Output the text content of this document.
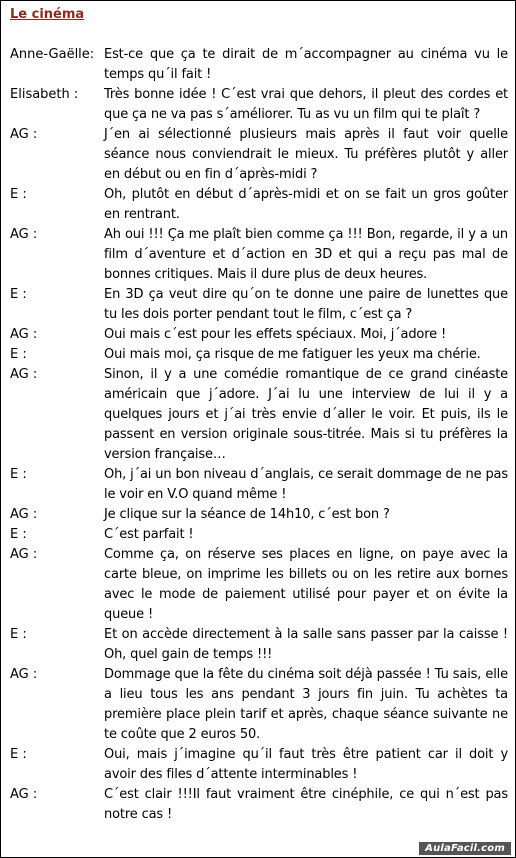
Le cinéma
Anne-Gaëlle: Est-ce que ça te dirait de m´accompagner au cinéma vu le temps qu´il fait !
Elisabeth :	Très bonne idée ! C´est vrai que dehors, il pleut des cordes et que ça ne va pas s´améliorer. Tu as vu un film qui te plaît ?
AG :	J´en ai sélectionné plusieurs mais après il faut voir quelle séance nous conviendrait le mieux. Tu préfères plutôt y aller en début ou en fin d´après-midi ?
E :	Oh, plutôt en début d´après-midi et on se fait un gros goûter en rentrant.
AG :	Ah oui !!! Ça me plaît bien comme ça !!! Bon, regarde, il y a un film d´aventure et d´action en 3D et qui a reçu pas mal de bonnes critiques. Mais il dure plus de deux heures.
E :	En 3D ça veut dire qu´on te donne une paire de lunettes que tu les dois porter pendant tout le film, c´est ça ?
AG :	Oui mais c´est pour les effets spéciaux. Moi, j´adore !
E :	Oui mais moi, ça risque de me fatiguer les yeux ma chérie.
AG :	Sinon, il y a une comédie romantique de ce grand cinéaste américain que j´adore. J´ai lu une interview de lui il y a quelques jours et j´ai très envie d´aller le voir. Et puis, ils le passent en version originale sous-titrée. Mais si tu préfères la version française…
E :	Oh, j´ai un bon niveau d´anglais, ce serait dommage de ne pas le voir en V.O quand même !
AG :	Je clique sur la séance de 14h10, c´est bon ?
E :	C´est parfait !
AG :	Comme ça, on réserve ses places en ligne, on paye avec la carte bleue, on imprime les billets ou on les retire aux bornes avec le mode de paiement utilisé pour payer et on évite la queue !
E :	Et on accède directement à la salle sans passer par la caisse ! Oh, quel gain de temps !!!
AG :	Dommage que la fête du cinéma soit déjà passée ! Tu sais, elle a lieu tous les ans pendant 3 jours fin juin. Tu achètes ta première place plein tarif et après, chaque séance suivante ne te coûte que 2 euros 50.
E :	Oui, mais j´imagine qu´il faut très être patient car il doit y avoir des files d´attente interminables !
AG :	C´est clair !!!Il faut vraiment être cinéphile, ce qui n´est pas notre cas !
AulaFacil.com
